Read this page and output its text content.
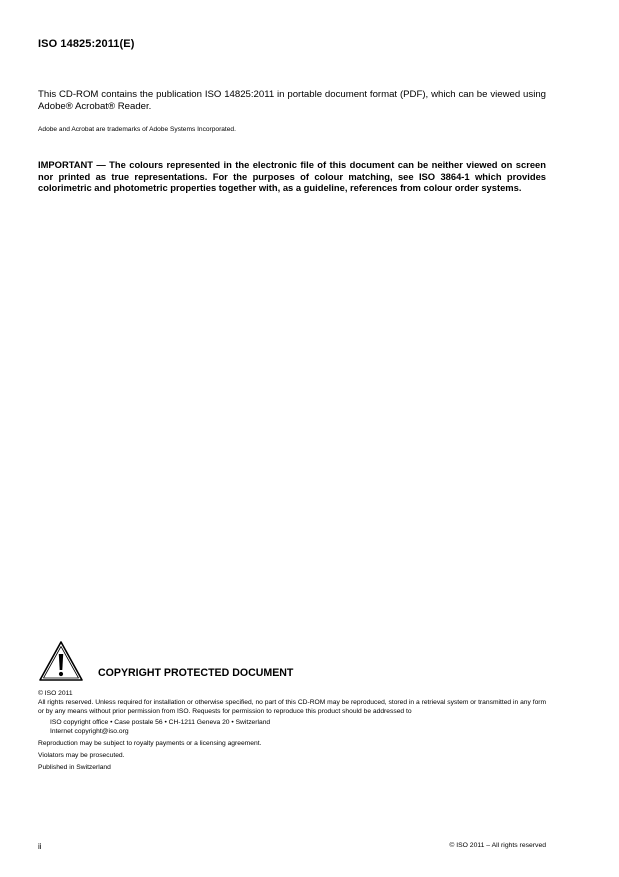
ISO 14825:2011(E)

This CD-ROM contains the publication ISO 14825:2011 in portable document format (PDF), which can be viewed using Adobe® Acrobat® Reader.

Adobe and Acrobat are trademarks of Adobe Systems Incorporated.

IMPORTANT — The colours represented in the electronic file of this document can be neither viewed on screen nor printed as true representations. For the purposes of colour matching, see ISO 3864-1 which provides colorimetric and photometric properties together with, as a guideline, references from colour order systems.

COPYRIGHT PROTECTED DOCUMENT

© ISO 2011

All rights reserved. Unless required for installation or otherwise specified, no part of this CD-ROM may be reproduced, stored in a retrieval system or transmitted in any form or by any means without prior permission from ISO. Requests for permission to reproduce this product should be addressed to

ISO copyright office • Case postale 56 • CH-1211 Geneva 20 • Switzerland

Internet copyright@iso.org

Reproduction may be subject to royalty payments or a licensing agreement.

Violators may be prosecuted.

Published in Switzerland

ii	© ISO 2011 – All rights reserved
